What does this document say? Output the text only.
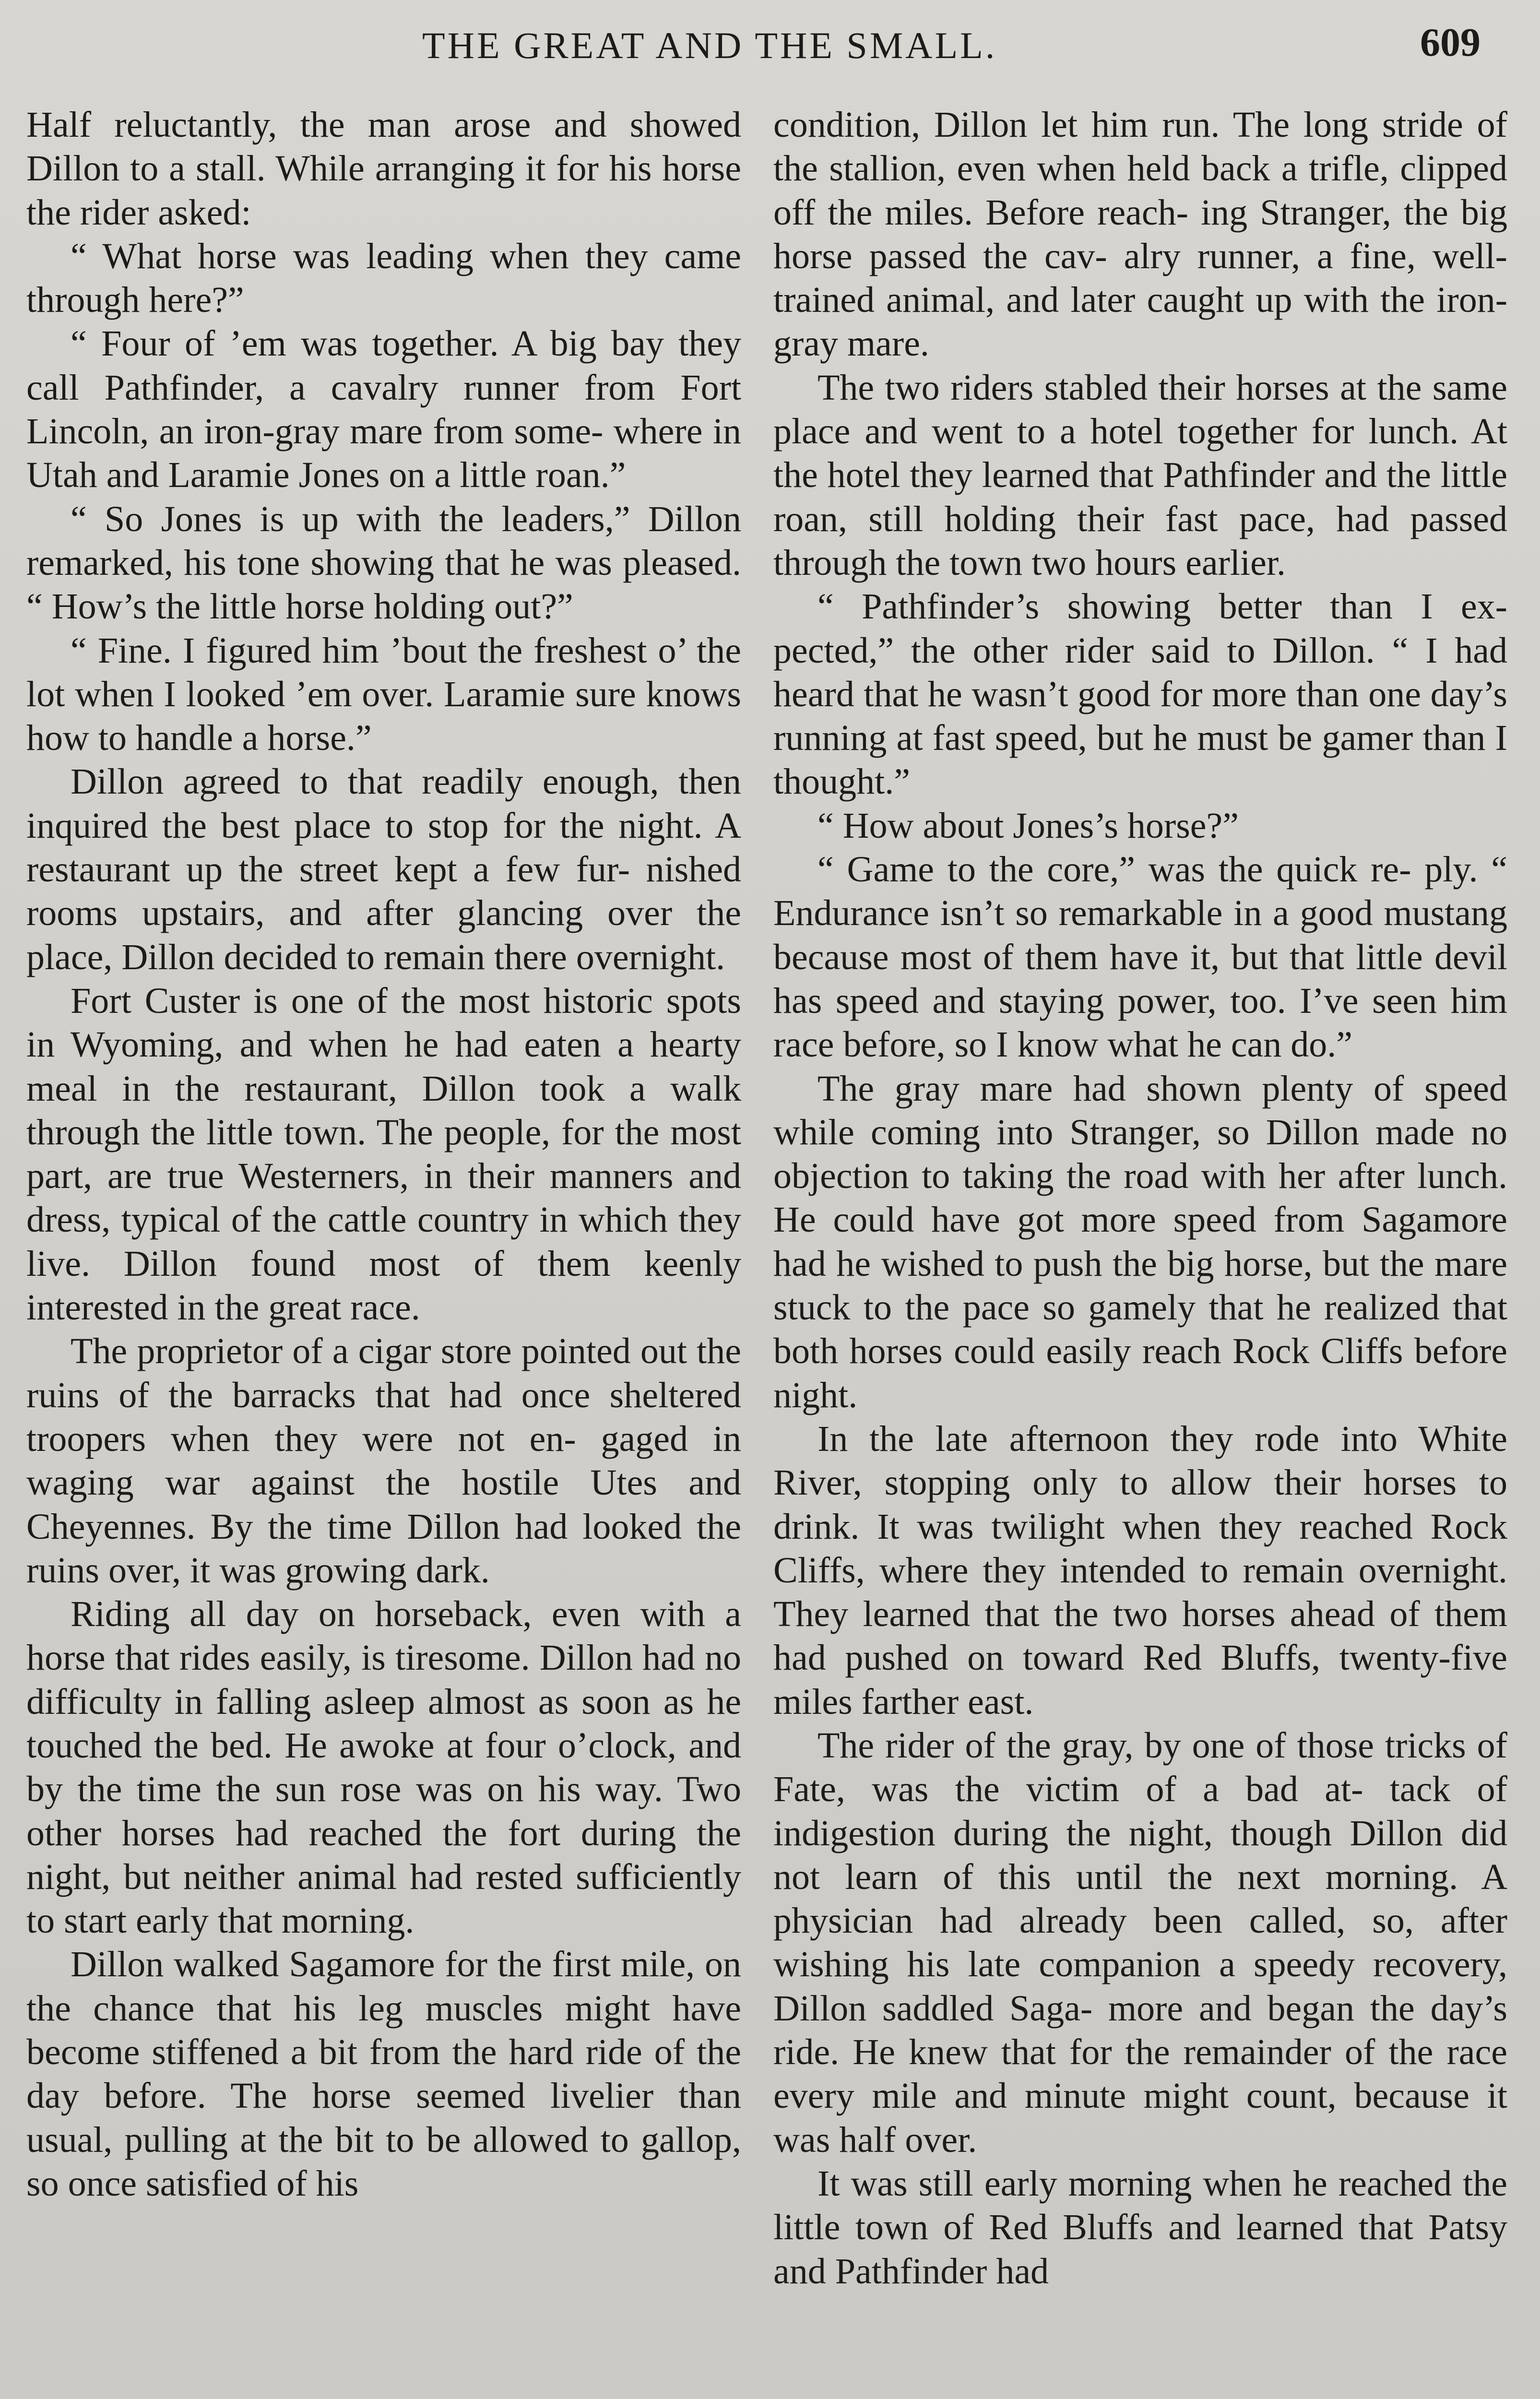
THE GREAT AND THE SMALL.	609

Half reluctantly, the man arose and showed Dillon to a stall. While arranging it for his horse the rider asked:

“ What horse was leading when they came through here?”

“ Four of ’em was together. A big bay they call Pathfinder, a cavalry runner from Fort Lincoln, an iron-gray mare from some- where in Utah and Laramie Jones on a little roan.”

“ So Jones is up with the leaders,” Dillon remarked, his tone showing that he was pleased. “ How’s the little horse holding out?”

“ Fine. I figured him ’bout the freshest o’ the lot when I looked ’em over. Laramie sure knows how to handle a horse.”

Dillon agreed to that readily enough, then inquired the best place to stop for the night. A restaurant up the street kept a few fur- nished rooms upstairs, and after glancing over the place, Dillon decided to remain there overnight.

Fort Custer is one of the most historic spots in Wyoming, and when he had eaten a hearty meal in the restaurant, Dillon took a walk through the little town. The people, for the most part, are true Westerners, in their manners and dress, typical of the cattle country in which they live. Dillon found most of them keenly interested in the great race.

The proprietor of a cigar store pointed out the ruins of the barracks that had once sheltered troopers when they were not en- gaged in waging war against the hostile Utes and Cheyennes. By the time Dillon had looked the ruins over, it was growing dark.

Riding all day on horseback, even with a horse that rides easily, is tiresome. Dillon had no difficulty in falling asleep almost as soon as he touched the bed. He awoke at four o’clock, and by the time the sun rose was on his way. Two other horses had reached the fort during the night, but neither animal had rested sufficiently to start early that morning.

Dillon walked Sagamore for the first mile, on the chance that his leg muscles might have become stiffened a bit from the hard ride of the day before. The horse seemed livelier than usual, pulling at the bit to be allowed to gallop, so once satisfied of his

condition, Dillon let him run. The long stride of the stallion, even when held back a trifle, clipped off the miles. Before reach- ing Stranger, the big horse passed the cav- alry runner, a fine, well-trained animal, and later caught up with the iron-gray mare.

The two riders stabled their horses at the same place and went to a hotel together for lunch. At the hotel they learned that Pathfinder and the little roan, still holding their fast pace, had passed through the town two hours earlier.

“ Pathfinder’s showing better than I ex- pected,” the other rider said to Dillon. “ I had heard that he wasn’t good for more than one day’s running at fast speed, but he must be gamer than I thought.”

“ How about Jones’s horse?”

“ Game to the core,” was the quick re- ply. “ Endurance isn’t so remarkable in a good mustang because most of them have it, but that little devil has speed and staying power, too. I’ve seen him race before, so I know what he can do.”

The gray mare had shown plenty of speed while coming into Stranger, so Dillon made no objection to taking the road with her after lunch. He could have got more speed from Sagamore had he wished to push the big horse, but the mare stuck to the pace so gamely that he realized that both horses could easily reach Rock Cliffs before night.

In the late afternoon they rode into White River, stopping only to allow their horses to drink. It was twilight when they reached Rock Cliffs, where they intended to remain overnight. They learned that the two horses ahead of them had pushed on toward Red Bluffs, twenty-five miles farther east.

The rider of the gray, by one of those tricks of Fate, was the victim of a bad at- tack of indigestion during the night, though Dillon did not learn of this until the next morning. A physician had already been called, so, after wishing his late companion a speedy recovery, Dillon saddled Saga- more and began the day’s ride. He knew that for the remainder of the race every mile and minute might count, because it was half over.

It was still early morning when he reached the little town of Red Bluffs and learned that Patsy and Pathfinder had
